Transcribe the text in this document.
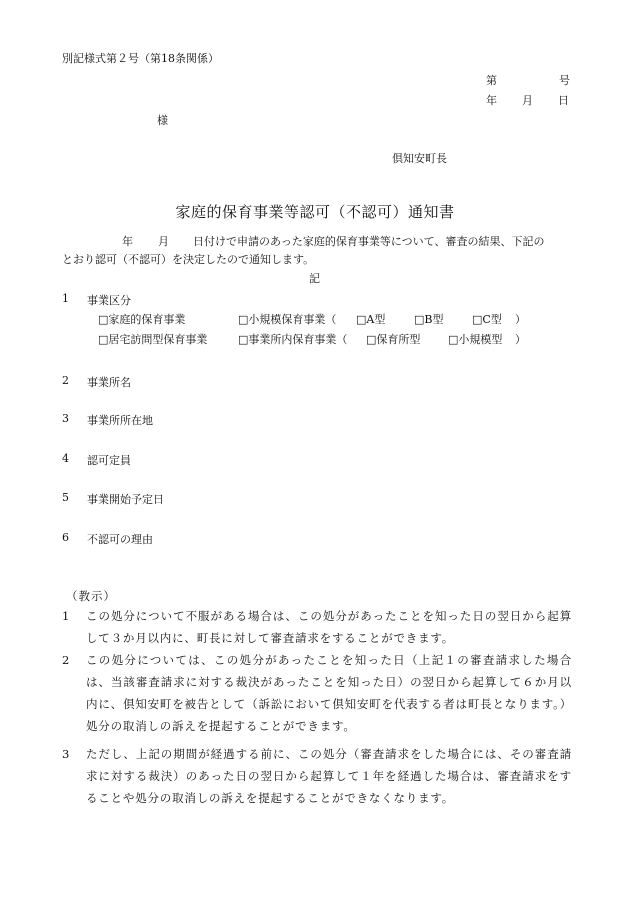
別記様式第２号（第18条関係）
第	号
年 月 日
様
倶知安町長
家庭的保育事業等認可（不認可）通知書
年 月 日付けで申請のあった家庭的保育事業等について、審査の結果、下記の
とおり認可（不認可）を決定したので通知します。
記
1 事業区分
□家庭的保育事業	□小規模保育事業（ □A型	□B型	□C型 ）
□居宅訪問型保育事業	□事業所内保育事業（ □保育所型	□小規模型 ）
2 事業所名
3 事業所所在地
4 認可定員
5 事業開始予定日
6 不認可の理由
（教示）
1 この処分について不服がある場合は、この処分があったことを知った日の翌日から起算して３か月以内に、町長に対して審査請求をすることができます。
2 この処分については、この処分があったことを知った日（上記１の審査請求した場合は、当該審査請求に対する裁決があったことを知った日）の翌日から起算して６か月以内に、倶知安町を被告として（訴訟において倶知安町を代表する者は町長となります。）処分の取消しの訴えを提起することができます。
3 ただし、上記の期間が経過する前に、この処分（審査請求をした場合には、その審査請求に対する裁決）のあった日の翌日から起算して１年を経過した場合は、審査請求をすることや処分の取消しの訴えを提起することができなくなります。
